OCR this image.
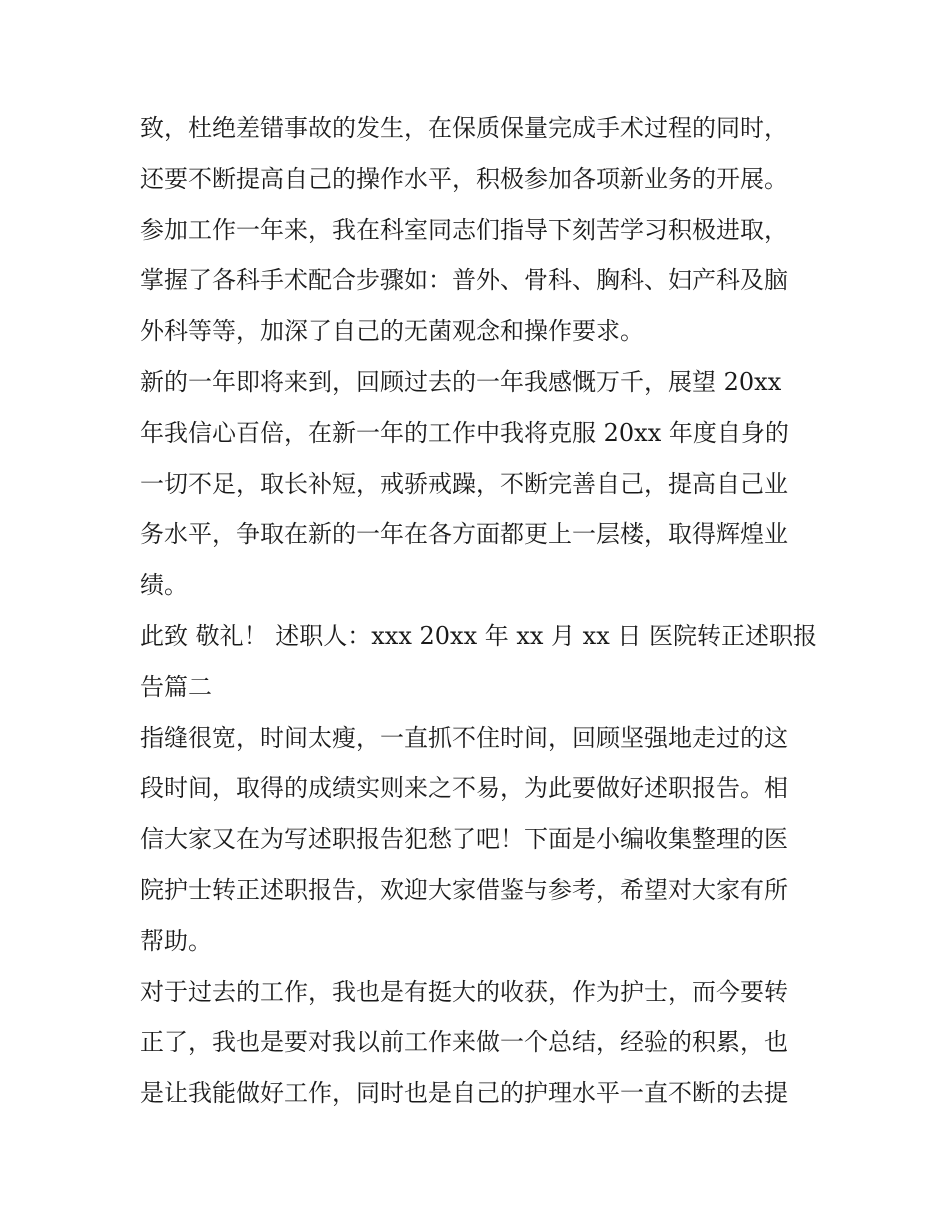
致，杜绝差错事故的发生，在保质保量完成手术过程的同时，
还要不断提高自己的操作水平，积极参加各项新业务的开展。
参加工作一年来，我在科室同志们指导下刻苦学习积极进取，
掌握了各科手术配合步骤如：普外、骨科、胸科、妇产科及脑
外科等等，加深了自己的无菌观念和操作要求。
新的一年即将来到，回顾过去的一年我感慨万千，展望 20xx
年我信心百倍，在新一年的工作中我将克服 20xx 年度自身的
一切不足，取长补短，戒骄戒躁，不断完善自己，提高自己业
务水平，争取在新的一年在各方面都更上一层楼，取得辉煌业
绩。
此致 敬礼！ 述职人：xxx 20xx 年 xx 月 xx 日 医院转正述职报
告篇二
指缝很宽，时间太瘦，一直抓不住时间，回顾坚强地走过的这
段时间，取得的成绩实则来之不易，为此要做好述职报告。相
信大家又在为写述职报告犯愁了吧！下面是小编收集整理的医
院护士转正述职报告，欢迎大家借鉴与参考，希望对大家有所
帮助。
对于过去的工作，我也是有挺大的收获，作为护士，而今要转
正了，我也是要对我以前工作来做一个总结，经验的积累，也
是让我能做好工作，同时也是自己的护理水平一直不断的去提
